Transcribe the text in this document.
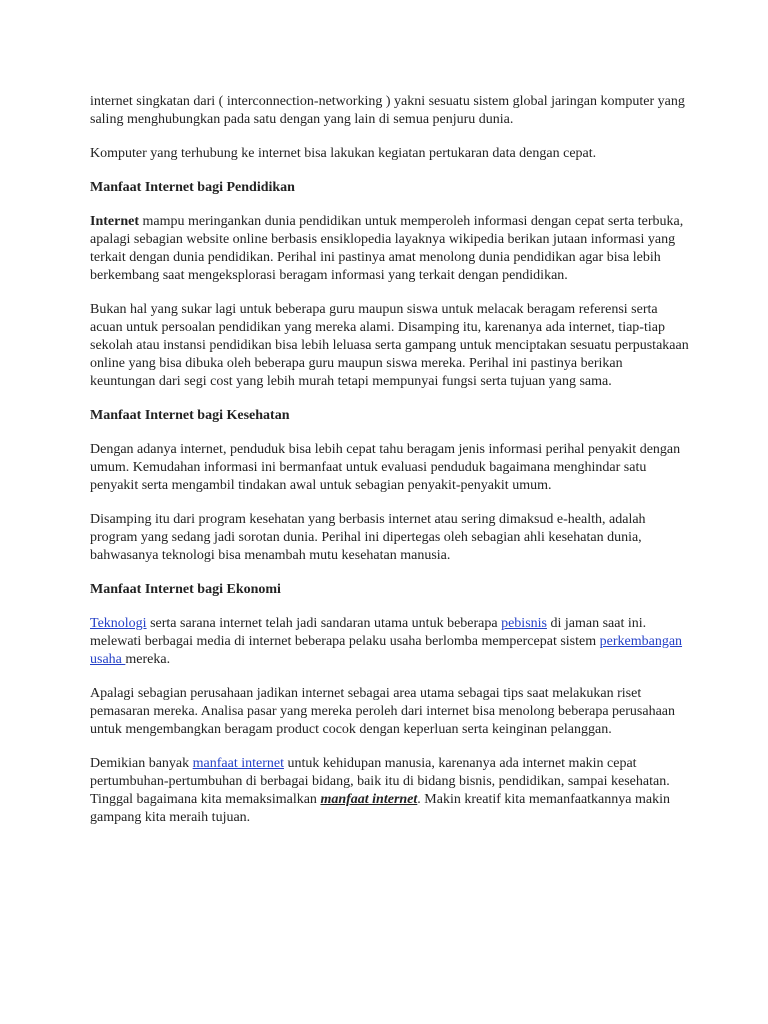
internet singkatan dari ( interconnection-networking ) yakni sesuatu sistem global jaringan komputer yang saling menghubungkan pada satu dengan yang lain di semua penjuru dunia.

Komputer yang terhubung ke internet bisa lakukan kegiatan pertukaran data dengan cepat.

Manfaat Internet bagi Pendidikan

Internet mampu meringankan dunia pendidikan untuk memperoleh informasi dengan cepat serta terbuka, apalagi sebagian website online berbasis ensiklopedia layaknya wikipedia berikan jutaan informasi yang terkait dengan dunia pendidikan. Perihal ini pastinya amat menolong dunia pendidikan agar bisa lebih berkembang saat mengeksplorasi beragam informasi yang terkait dengan pendidikan.

Bukan hal yang sukar lagi untuk beberapa guru maupun siswa untuk melacak beragam referensi serta acuan untuk persoalan pendidikan yang mereka alami. Disamping itu, karenanya ada internet, tiap-tiap sekolah atau instansi pendidikan bisa lebih leluasa serta gampang untuk menciptakan sesuatu perpustakaan online yang bisa dibuka oleh beberapa guru maupun siswa mereka. Perihal ini pastinya berikan keuntungan dari segi cost yang lebih murah tetapi mempunyai fungsi serta tujuan yang sama.

Manfaat Internet bagi Kesehatan

Dengan adanya internet, penduduk bisa lebih cepat tahu beragam jenis informasi perihal penyakit dengan umum. Kemudahan informasi ini bermanfaat untuk evaluasi penduduk bagaimana menghindar satu penyakit serta mengambil tindakan awal untuk sebagian penyakit-penyakit umum.

Disamping itu dari program kesehatan yang berbasis internet atau sering dimaksud e-health, adalah program yang sedang jadi sorotan dunia. Perihal ini dipertegas oleh sebagian ahli kesehatan dunia, bahwasanya teknologi bisa menambah mutu kesehatan manusia.

Manfaat Internet bagi Ekonomi

Teknologi serta sarana internet telah jadi sandaran utama untuk beberapa pebisnis di jaman saat ini. melewati berbagai media di internet beberapa pelaku usaha berlomba mempercepat sistem perkembangan usaha mereka.

Apalagi sebagian perusahaan jadikan internet sebagai area utama sebagai tips saat melakukan riset pemasaran mereka. Analisa pasar yang mereka peroleh dari internet bisa menolong beberapa perusahaan untuk mengembangkan beragam product cocok dengan keperluan serta keinginan pelanggan.

Demikian banyak manfaat internet untuk kehidupan manusia, karenanya ada internet makin cepat pertumbuhan-pertumbuhan di berbagai bidang, baik itu di bidang bisnis, pendidikan, sampai kesehatan. Tinggal bagaimana kita memaksimalkan manfaat internet. Makin kreatif kita memanfaatkannya makin gampang kita meraih tujuan.
